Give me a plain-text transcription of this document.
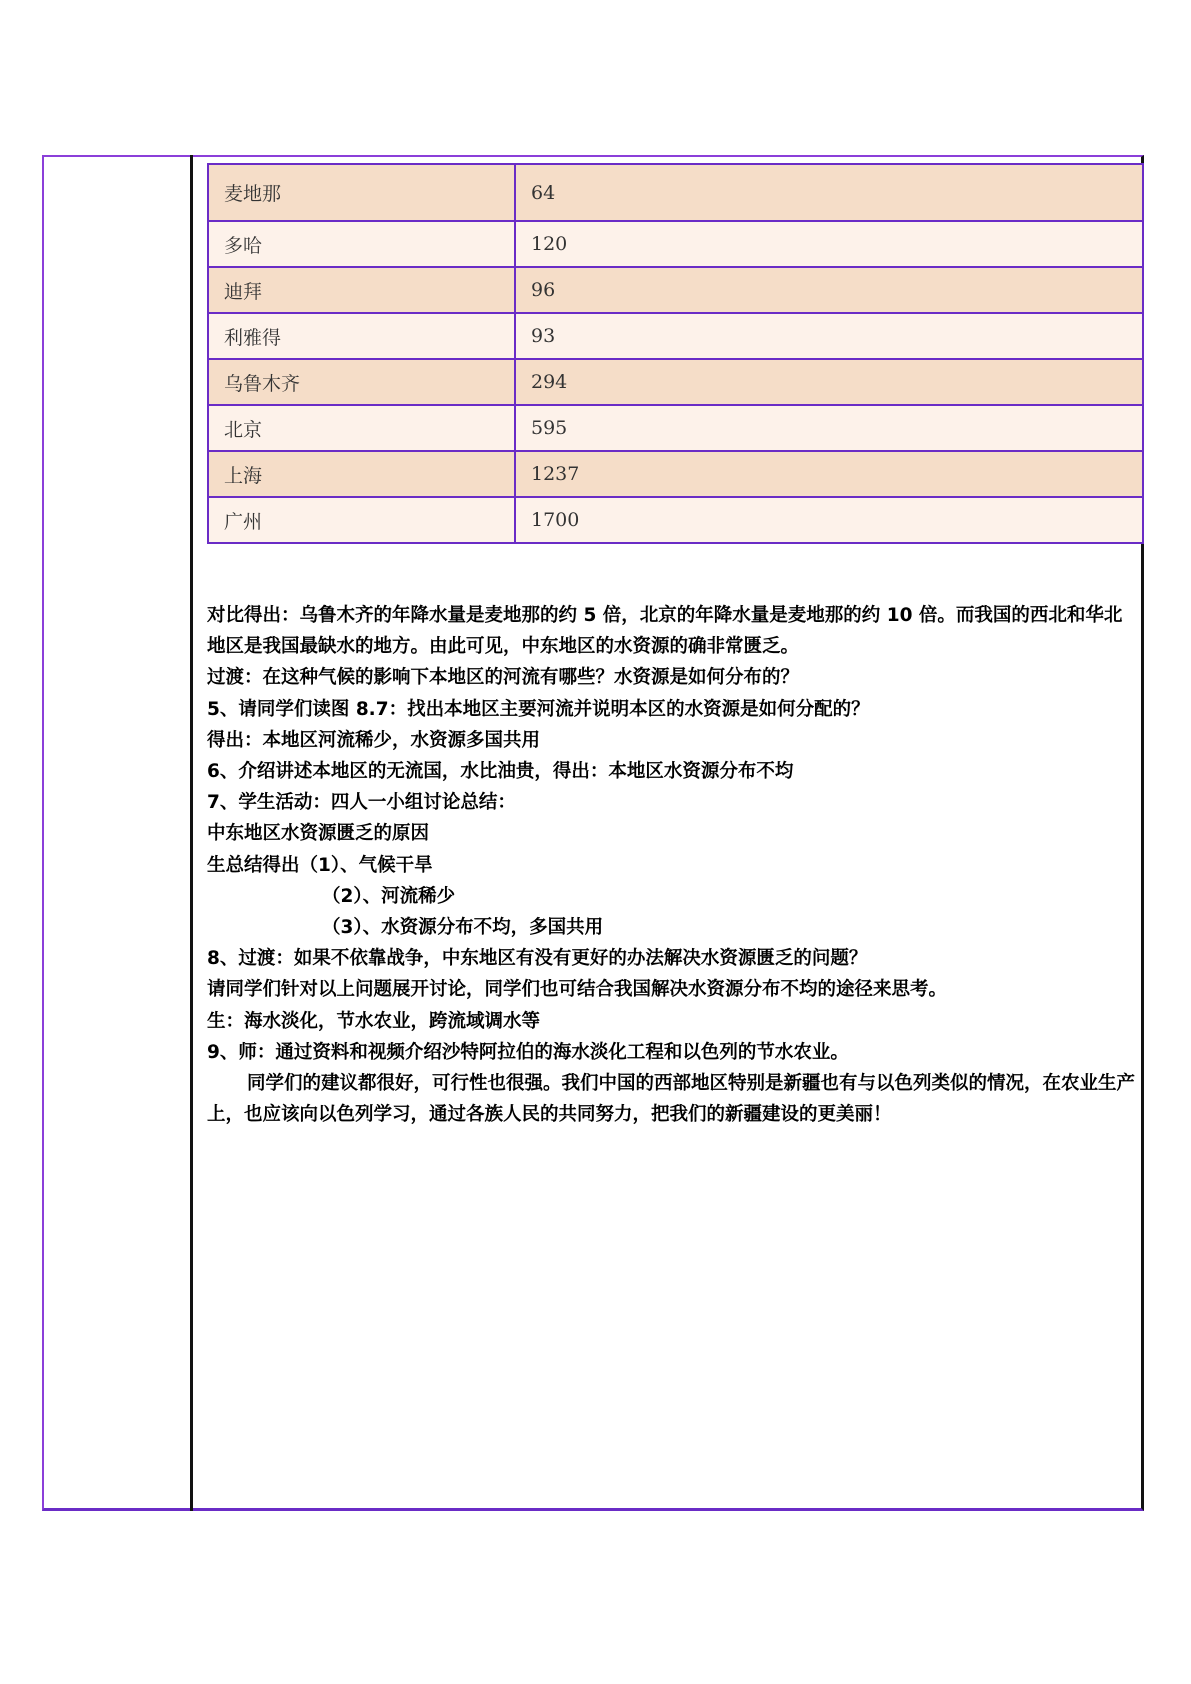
麦地那	64
多哈	120
迪拜	96
利雅得	93
乌鲁木齐	294
北京	595
上海	1237
广州	1700

对比得出：乌鲁木齐的年降水量是麦地那的约 5 倍，北京的年降水量是麦地那的约 10 倍。而我国的西北和华北地区是我国最缺水的地方。由此可见，中东地区的水资源的确非常匮乏。

过渡：在这种气候的影响下本地区的河流有哪些？水资源是如何分布的？

5、请同学们读图 8.7：找出本地区主要河流并说明本区的水资源是如何分配的？

得出：本地区河流稀少，水资源多国共用

6、介绍讲述本地区的无流国，水比油贵，得出：本地区水资源分布不均

7、学生活动：四人一小组讨论总结：

中东地区水资源匮乏的原因

生总结得出（1）、气候干旱

（2）、河流稀少

（3）、水资源分布不均，多国共用

8、过渡：如果不依靠战争，中东地区有没有更好的办法解决水资源匮乏的问题？

请同学们针对以上问题展开讨论，同学们也可结合我国解决水资源分布不均的途径来思考。

生：海水淡化，节水农业，跨流域调水等

9、师：通过资料和视频介绍沙特阿拉伯的海水淡化工程和以色列的节水农业。

同学们的建议都很好，可行性也很强。我们中国的西部地区特别是新疆也有与以色列类似的情况，在农业生产上，也应该向以色列学习，通过各族人民的共同努力，把我们的新疆建设的更美丽！
